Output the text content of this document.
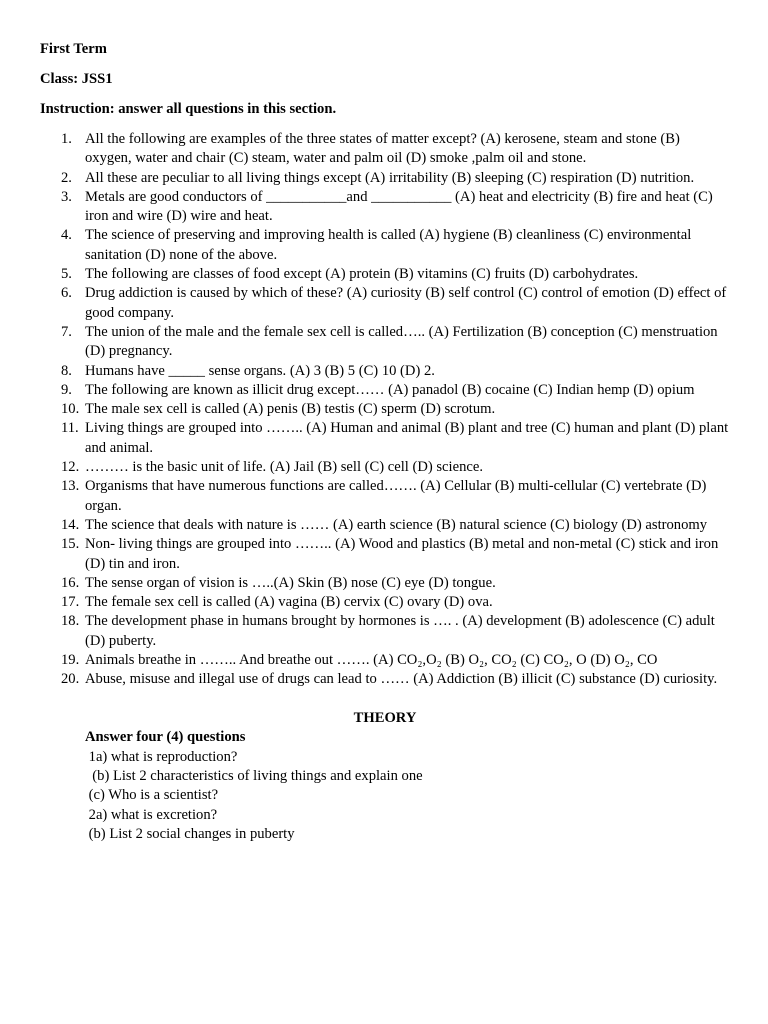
First Term

Class: JSS1

Instruction: answer all questions in this section.

1. All the following are examples of the three states of matter except? (A) kerosene, steam and stone (B) oxygen, water and chair (C) steam, water and palm oil (D) smoke ,palm oil and stone.
2. All these are peculiar to all living things except (A) irritability (B) sleeping (C) respiration (D) nutrition.
3. Metals are good conductors of ___________and ___________ (A) heat and electricity (B) fire and heat (C) iron and wire (D) wire and heat.
4. The science of preserving and improving health is called (A) hygiene (B) cleanliness (C) environmental sanitation (D) none of the above.
5. The following are classes of food except (A) protein (B) vitamins (C) fruits (D) carbohydrates.
6. Drug addiction is caused by which of these? (A) curiosity (B) self control (C) control of emotion (D) effect of good company.
7. The union of the male and the female sex cell is called….. (A) Fertilization (B) conception (C) menstruation (D) pregnancy.
8. Humans have _____ sense organs. (A) 3 (B) 5 (C) 10 (D) 2.
9. The following are known as illicit drug except…… (A) panadol (B) cocaine (C) Indian hemp (D) opium
10. The male sex cell is called (A) penis (B) testis (C) sperm (D) scrotum.
11. Living things are grouped into …….. (A) Human and animal (B) plant and tree (C) human and plant (D) plant and animal.
12. ……… is the basic unit of life. (A) Jail (B) sell (C) cell (D) science.
13. Organisms that have numerous functions are called……. (A) Cellular (B) multi-cellular (C) vertebrate (D) organ.
14. The science that deals with nature is …… (A) earth science (B) natural science (C) biology (D) astronomy
15. Non- living things are grouped into …….. (A) Wood and plastics (B) metal and non-metal (C) stick and iron (D) tin and iron.
16. The sense organ of vision is …..(A) Skin (B) nose (C) eye (D) tongue.
17. The female sex cell is called (A) vagina (B) cervix (C) ovary (D) ova.
18. The development phase in humans brought by hormones is …. . (A) development (B) adolescence (C) adult (D) puberty.
19. Animals breathe in …….. And breathe out ……. (A) CO₂,O₂ (B) O₂, CO₂ (C) CO₂, O (D) O₂, CO
20. Abuse, misuse and illegal use of drugs can lead to …… (A) Addiction (B) illicit (C) substance (D) curiosity.
THEORY
Answer four (4) questions
1a) what is reproduction?
(b) List 2 characteristics of living things and explain one
(c) Who is a scientist?
2a) what is excretion?
(b) List 2 social changes in puberty
